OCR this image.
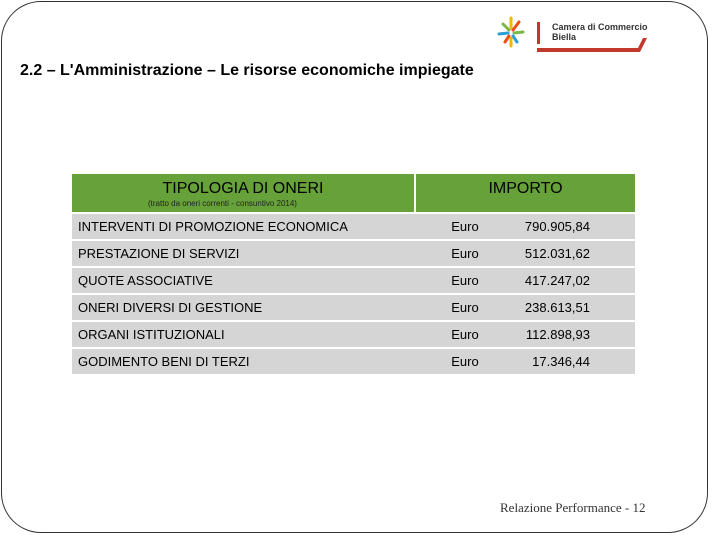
Camera di Commercio
Biella
2.2 – L'Amministrazione – Le risorse economiche impiegate
TIPOLOGIA DI ONERI
(tratto da oneri correnti - consuntivo 2014)	IMPORTO	

INTERVENTI DI PROMOZIONE ECONOMICA	Euro	790.905,84
PRESTAZIONE DI SERVIZI	Euro	512.031,62
QUOTE ASSOCIATIVE	Euro	417.247,02
ONERI DIVERSI DI GESTIONE	Euro	238.613,51
ORGANI ISTITUZIONALI	Euro	112.898,93
GODIMENTO BENI DI TERZI	Euro	17.346,44
Relazione Performance - 12
